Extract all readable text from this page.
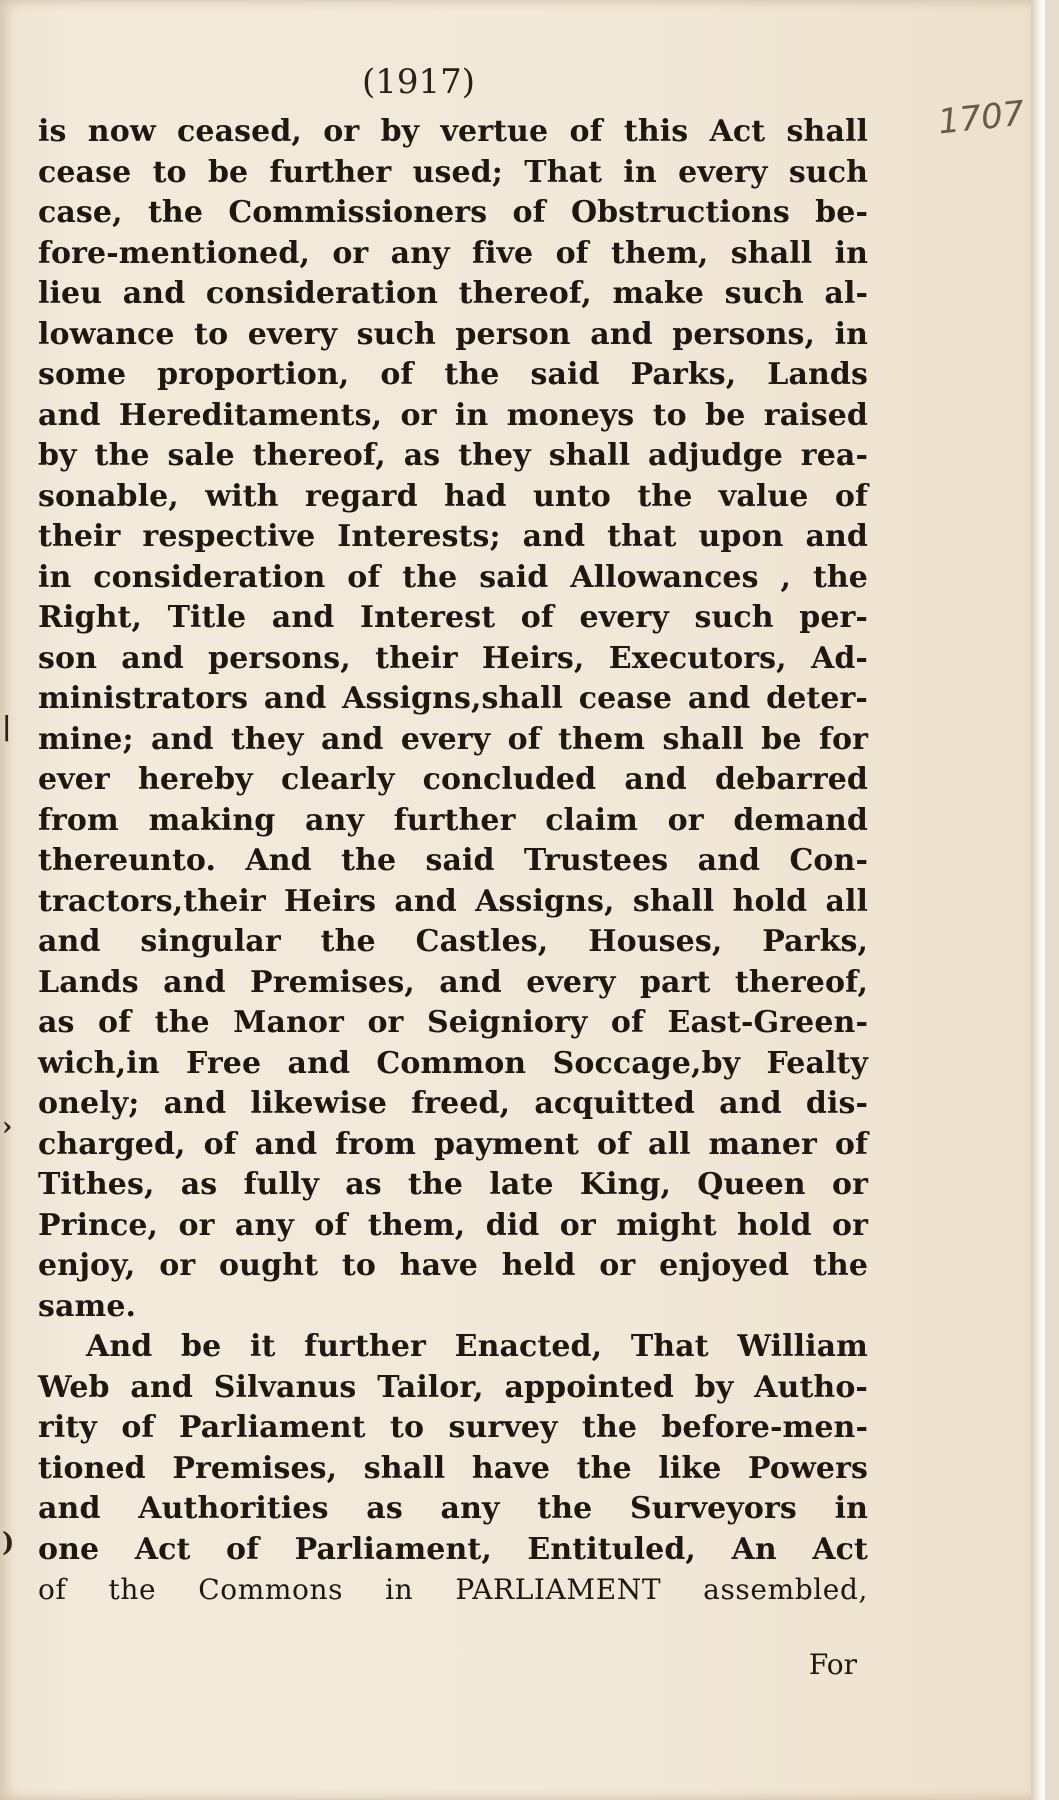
(1917)
1707
|
›
)
is now ceased, or by vertue of this Act shall
cease to be further used; That in every such
case, the Commissioners of Obstructions be-
fore-mentioned, or any five of them, shall in
lieu and consideration thereof, make such al-
lowance to every such person and persons, in
some proportion, of the said Parks, Lands
and Hereditaments, or in moneys to be raised
by the sale thereof, as they shall adjudge rea-
sonable, with regard had unto the value of
their respective Interests; and that upon and
in consideration of the said Allowances , the
Right, Title and Interest of every such per-
son and persons, their Heirs, Executors, Ad-
ministrators and Assigns,shall cease and deter-
mine; and they and every of them shall be for
ever hereby clearly concluded and debarred
from making any further claim or demand
thereunto. And the said Trustees and Con-
tractors,their Heirs and Assigns, shall hold all
and singular the Castles, Houses, Parks,
Lands and Premises, and every part thereof,
as of the Manor or Seigniory of East-Green-
wich,in Free and Common Soccage,by Fealty
onely; and likewise freed, acquitted and dis-
charged, of and from payment of all maner of
Tithes, as fully as the late King, Queen or
Prince, or any of them, did or might hold or
enjoy, or ought to have held or enjoyed the
same.
And be it further Enacted, That William
Web and Silvanus Tailor, appointed by Autho-
rity of Parliament to survey the before-men-
tioned Premises, shall have the like Powers
and Authorities as any the Surveyors in
one Act of Parliament, Entituled, An Act
of the Commons in PARLIAMENT assembled,
For
